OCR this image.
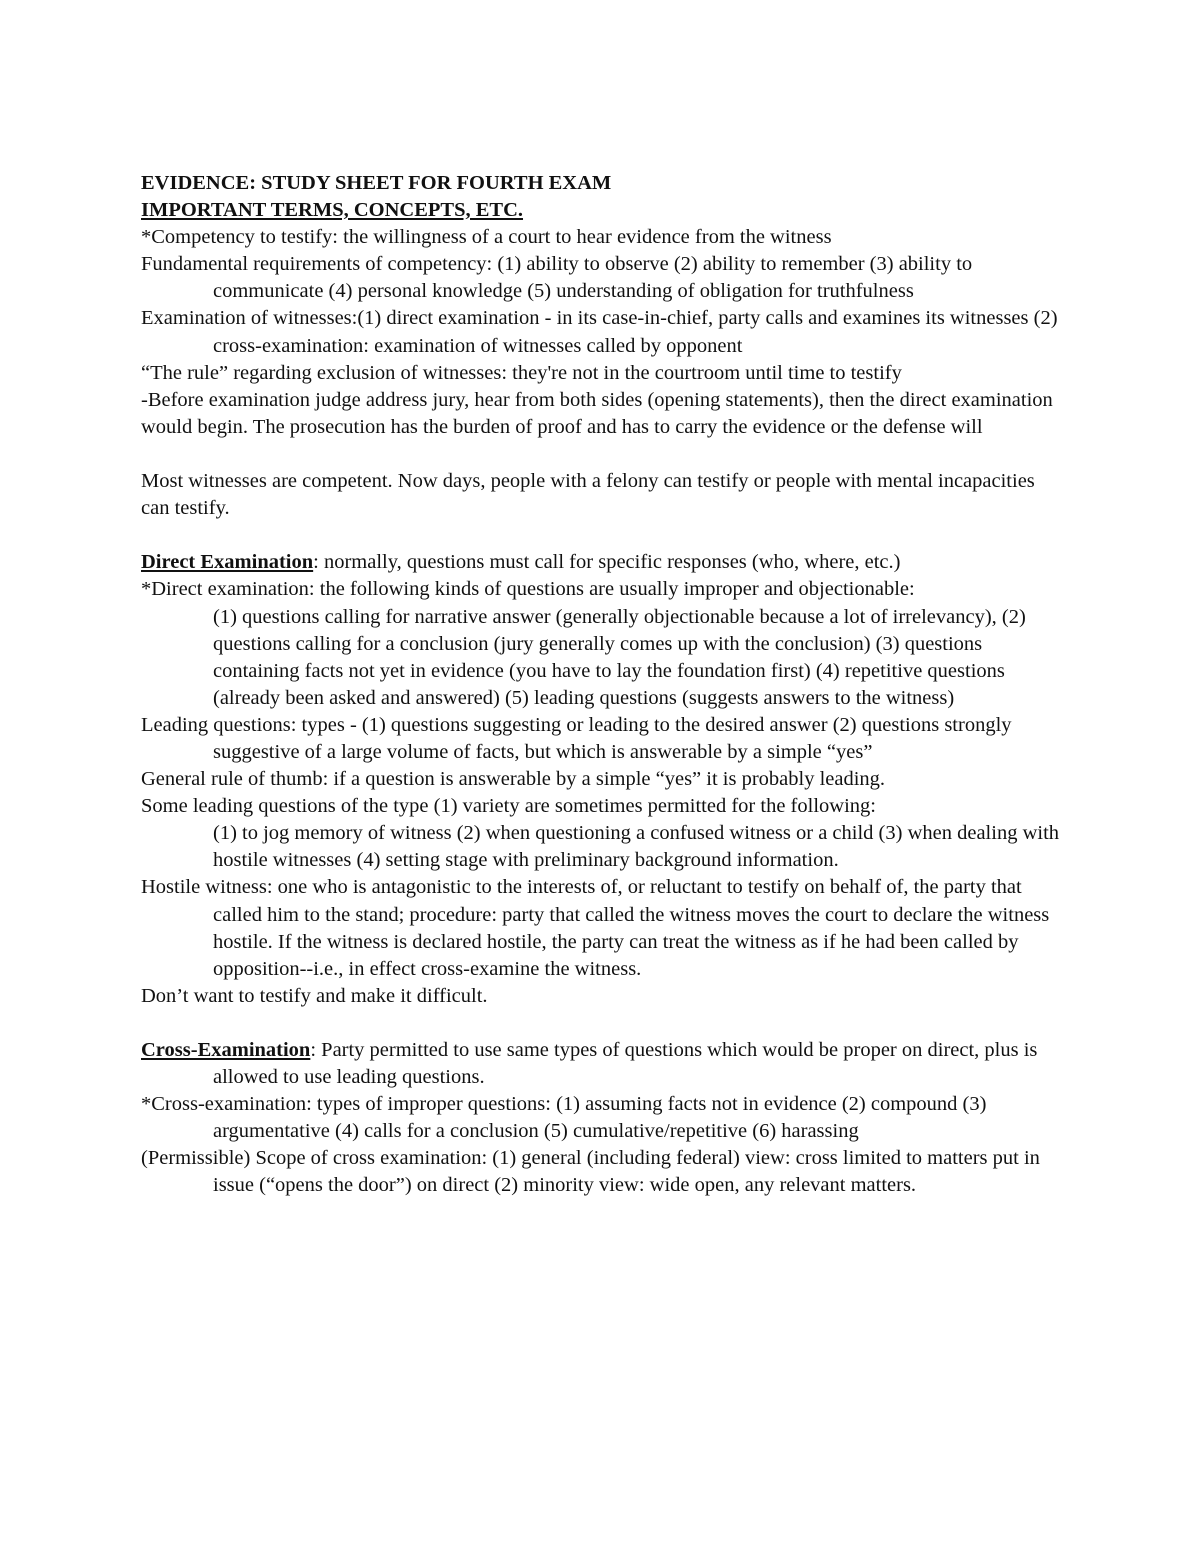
EVIDENCE: STUDY SHEET FOR FOURTH EXAM
IMPORTANT TERMS, CONCEPTS, ETC.
*Competency to testify: the willingness of a court to hear evidence from the witness
Fundamental requirements of competency: (1) ability to observe (2) ability to remember (3) ability to communicate (4) personal knowledge (5) understanding of obligation for truthfulness
Examination of witnesses:(1) direct examination - in its case-in-chief, party calls and examines its witnesses (2) cross-examination: examination of witnesses called by opponent
“The rule” regarding exclusion of witnesses: they're not in the courtroom until time to testify
-Before examination judge address jury, hear from both sides (opening statements), then the direct examination would begin. The prosecution has the burden of proof and has to carry the evidence or the defense will
Most witnesses are competent. Now days, people with a felony can testify or people with mental incapacities can testify.
Direct Examination: normally, questions must call for specific responses (who, where, etc.)
*Direct examination: the following kinds of questions are usually improper and objectionable:
(1) questions calling for narrative answer (generally objectionable because a lot of irrelevancy), (2) questions calling for a conclusion (jury generally comes up with the conclusion) (3) questions containing facts not yet in evidence (you have to lay the foundation first) (4) repetitive questions (already been asked and answered) (5) leading questions (suggests answers to the witness)
Leading questions: types - (1) questions suggesting or leading to the desired answer (2) questions strongly suggestive of a large volume of facts, but which is answerable by a simple “yes”
General rule of thumb: if a question is answerable by a simple “yes” it is probably leading.
Some leading questions of the type (1) variety are sometimes permitted for the following:
(1) to jog memory of witness (2) when questioning a confused witness or a child (3) when dealing with hostile witnesses (4) setting stage with preliminary background information.
Hostile witness: one who is antagonistic to the interests of, or reluctant to testify on behalf of, the party that called him to the stand; procedure: party that called the witness moves the court to declare the witness hostile. If the witness is declared hostile, the party can treat the witness as if he had been called by opposition--i.e., in effect cross-examine the witness.
Don’t want to testify and make it difficult.
Cross-Examination: Party permitted to use same types of questions which would be proper on direct, plus is allowed to use leading questions.
*Cross-examination: types of improper questions: (1) assuming facts not in evidence (2) compound (3) argumentative (4) calls for a conclusion (5) cumulative/repetitive (6) harassing
(Permissible) Scope of cross examination: (1) general (including federal) view: cross limited to matters put in issue (“opens the door”) on direct (2) minority view: wide open, any relevant matters.
